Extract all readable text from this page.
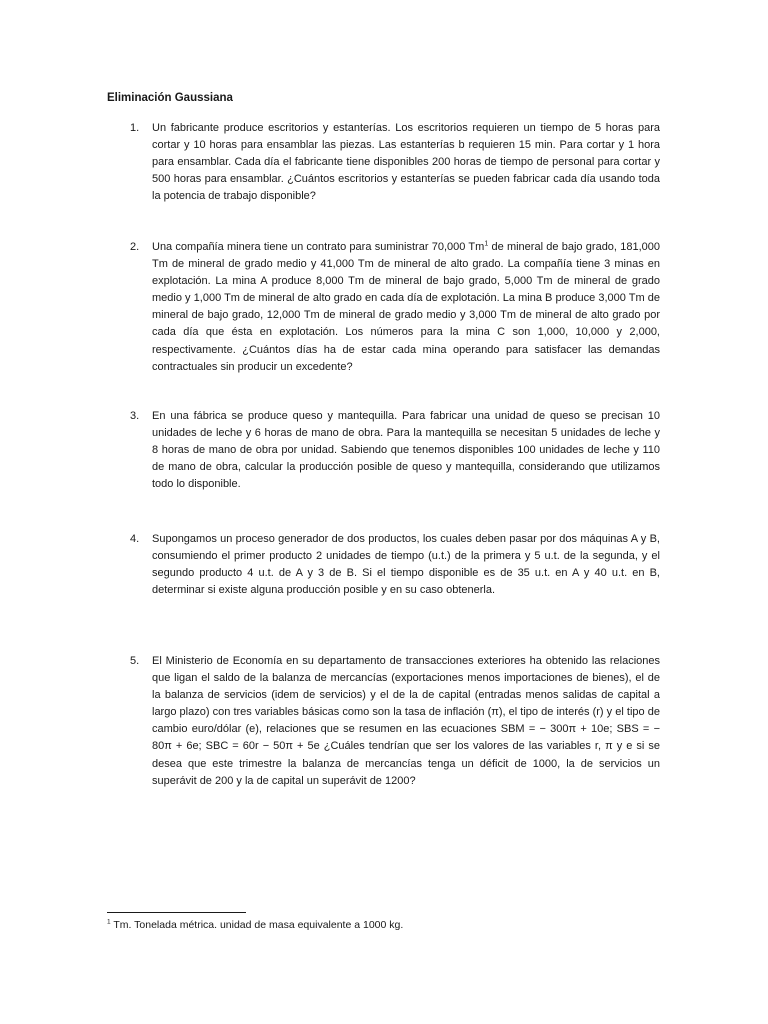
Eliminación Gaussiana
1.	Un fabricante produce escritorios y estanterías. Los escritorios requieren un tiempo de 5 horas para cortar y 10 horas para ensamblar las piezas. Las estanterías b requieren 15 min. Para cortar y 1 hora para ensamblar. Cada día el fabricante tiene disponibles 200 horas de tiempo de personal para cortar y 500 horas para ensamblar. ¿Cuántos escritorios y estanterías se pueden fabricar cada día usando toda la potencia de trabajo disponible?
2.	Una compañía minera tiene un contrato para suministrar 70,000 Tm$^1$ de mineral de bajo grado, 181,000 Tm de mineral de grado medio y 41,000 Tm de mineral de alto grado. La compañía tiene 3 minas en explotación. La mina A produce 8,000 Tm de mineral de bajo grado, 5,000 Tm de mineral de grado medio y 1,000 Tm de mineral de alto grado en cada día de explotación. La mina B produce 3,000 Tm de mineral de bajo grado, 12,000 Tm de mineral de grado medio y 3,000 Tm de mineral de alto grado por cada día que ésta en explotación. Los números para la mina C son 1,000, 10,000 y 2,000, respectivamente. ¿Cuántos días ha de estar cada mina operando para satisfacer las demandas contractuales sin producir un excedente?
3.	En una fábrica se produce queso y mantequilla. Para fabricar una unidad de queso se precisan 10 unidades de leche y 6 horas de mano de obra. Para la mantequilla se necesitan 5 unidades de leche y 8 horas de mano de obra por unidad. Sabiendo que tenemos disponibles 100 unidades de leche y 110 de mano de obra, calcular la producción posible de queso y mantequilla, considerando que utilizamos todo lo disponible.
4.	Supongamos un proceso generador de dos productos, los cuales deben pasar por dos máquinas A y B, consumiendo el primer producto 2 unidades de tiempo (u.t.) de la primera y 5 u.t. de la segunda, y el segundo producto 4 u.t. de A y 3 de B. Si el tiempo disponible es de 35 u.t. en A y 40 u.t. en B, determinar si existe alguna producción posible y en su caso obtenerla.
5.	El Ministerio de Economía en su departamento de transacciones exteriores ha obtenido las relaciones que ligan el saldo de la balanza de mercancías (exportaciones menos importaciones de bienes), el de la balanza de servicios (idem de servicios) y el de la de capital (entradas menos salidas de capital a largo plazo) con tres variables básicas como son la tasa de inflación (π), el tipo de interés (r) y el tipo de cambio euro/dólar (e), relaciones que se resumen en las ecuaciones SBM = − 300π + 10e; SBS = − 80π + 6e; SBC = 60r − 50π + 5e ¿Cuáles tendrían que ser los valores de las variables r, π y e si se desea que este trimestre la balanza de mercancías tenga un déficit de 1000, la de servicios un superávit de 200 y la de capital un superávit de 1200?
$^1$ Tm. Tonelada métrica. unidad de masa equivalente a 1000 kg.
